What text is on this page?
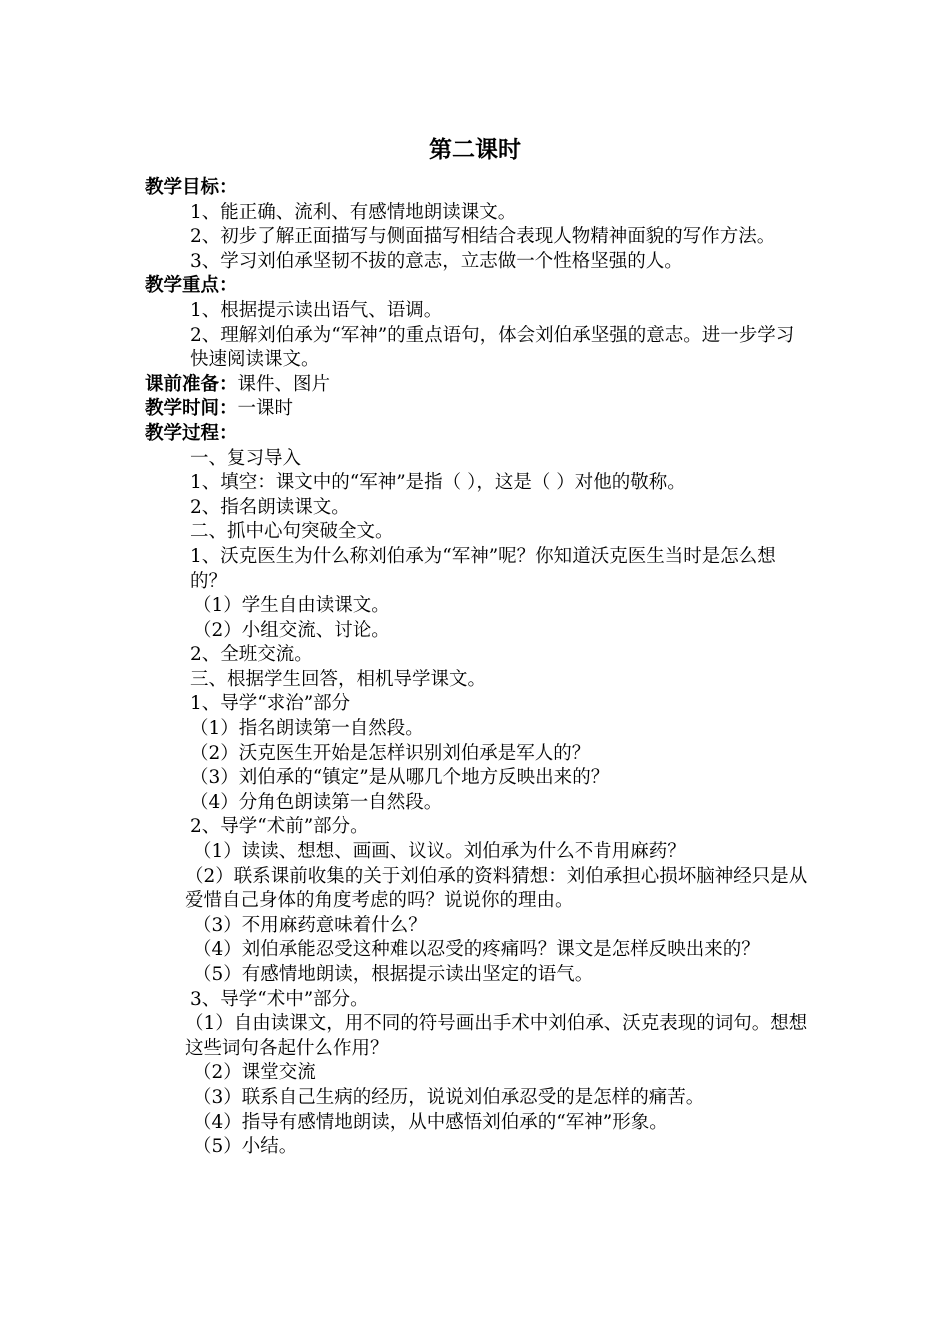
第二课时

教学目标：

1、能正确、流利、有感情地朗读课文。

2、初步了解正面描写与侧面描写相结合表现人物精神面貌的写作方法。

3、学习刘伯承坚韧不拔的意志，立志做一个性格坚强的人。

教学重点：

1、根据提示读出语气、语调。

2、理解刘伯承为“军神”的重点语句，体会刘伯承坚强的意志。进一步学习快速阅读课文。

课前准备：课件、图片

教学时间：一课时

教学过程：

一、复习导入

1、填空：课文中的“军神”是指（ ），这是（ ）对他的敬称。

2、指名朗读课文。

二、抓中心句突破全文。

1、沃克医生为什么称刘伯承为“军神”呢？你知道沃克医生当时是怎么想的？

（1）学生自由读课文。

（2）小组交流、讨论。

2、全班交流。

三、根据学生回答，相机导学课文。

1、导学“求治”部分

（1）指名朗读第一自然段。

（2）沃克医生开始是怎样识别刘伯承是军人的？

（3）刘伯承的“镇定”是从哪几个地方反映出来的？

（4）分角色朗读第一自然段。

2、导学“术前”部分。

（1）读读、想想、画画、议议。刘伯承为什么不肯用麻药？

（2）联系课前收集的关于刘伯承的资料猜想：刘伯承担心损坏脑神经只是从爱惜自己身体的角度考虑的吗？说说你的理由。

（3）不用麻药意味着什么？

（4）刘伯承能忍受这种难以忍受的疼痛吗？课文是怎样反映出来的？

（5）有感情地朗读，根据提示读出坚定的语气。

3、导学“术中”部分。

（1）自由读课文，用不同的符号画出手术中刘伯承、沃克表现的词句。想想这些词句各起什么作用？

（2）课堂交流

（3）联系自己生病的经历，说说刘伯承忍受的是怎样的痛苦。

（4）指导有感情地朗读，从中感悟刘伯承的“军神”形象。

（5）小结。
